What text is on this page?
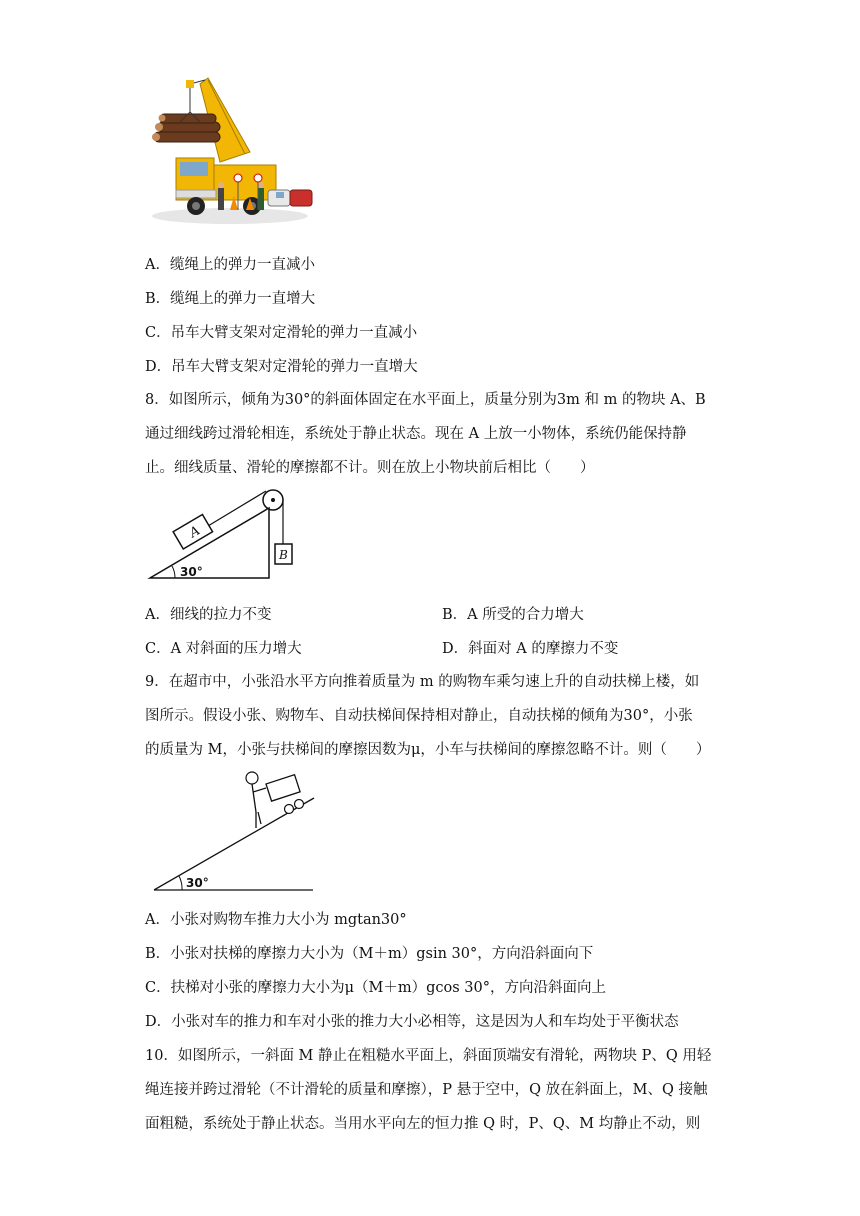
A．缆绳上的弹力一直减小
B．缆绳上的弹力一直增大
C．吊车大臂支架对定滑轮的弹力一直减小
D．吊车大臂支架对定滑轮的弹力一直增大
8．如图所示，倾角为30°的斜面体固定在水平面上，质量分别为3m 和 m 的物块 A、B
通过细线跨过滑轮相连，系统处于静止状态。现在 A 上放一小物体，系统仍能保持静
止。细线质量、滑轮的摩擦都不计。则在放上小物块前后相比（　　）
A
B
30°
A．细线的拉力不变	B．A 所受的合力增大
C．A 对斜面的压力增大	D．斜面对 A 的摩擦力不变
9．在超市中，小张沿水平方向推着质量为 m 的购物车乘匀速上升的自动扶梯上楼，如
图所示。假设小张、购物车、自动扶梯间保持相对静止，自动扶梯的倾角为30°，小张
的质量为 M，小张与扶梯间的摩擦因数为μ，小车与扶梯间的摩擦忽略不计。则（　　）
30°
A．小张对购物车推力大小为 mgtan30°
B．小张对扶梯的摩擦力大小为（M＋m）gsin 30°，方向沿斜面向下
C．扶梯对小张的摩擦力大小为μ（M＋m）gcos 30°，方向沿斜面向上
D．小张对车的推力和车对小张的推力大小必相等，这是因为人和车均处于平衡状态
10．如图所示，一斜面 M 静止在粗糙水平面上，斜面顶端安有滑轮，两物块 P、Q 用轻
绳连接并跨过滑轮（不计滑轮的质量和摩擦），P 悬于空中，Q 放在斜面上，M、Q 接触
面粗糙，系统处于静止状态。当用水平向左的恒力推 Q 时，P、Q、M 均静止不动，则
